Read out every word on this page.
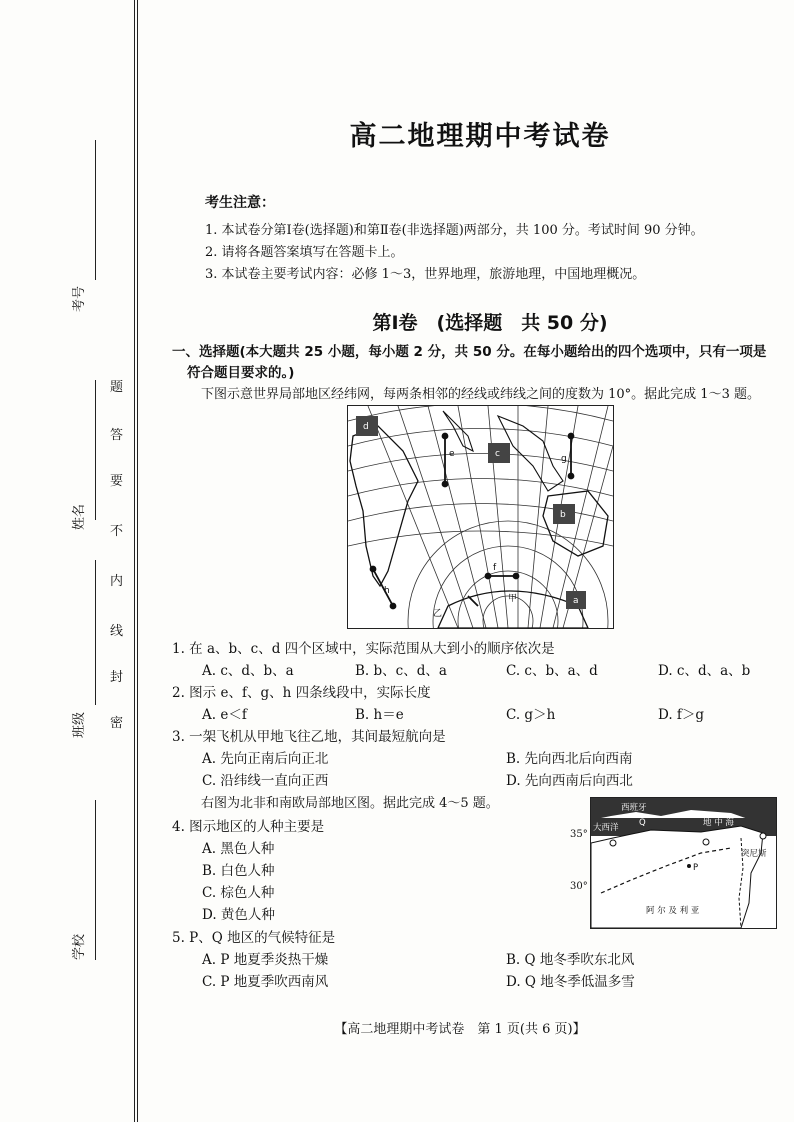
考号
姓名
班级
学校
题
答
要
不
内
线
封
密
高二地理期中考试卷
考生注意：
1. 本试卷分第Ⅰ卷(选择题)和第Ⅱ卷(非选择题)两部分，共 100 分。考试时间 90 分钟。
2. 请将各题答案填写在答题卡上。
3. 本试卷主要考试内容：必修 1～3，世界地理，旅游地理，中国地理概况。
第Ⅰ卷　(选择题　共 50 分)
一、选择题(本大题共 25 小题，每小题 2 分，共 50 分。在每小题给出的四个选项中，只有一项是
符合题目要求的。)
下图示意世界局部地区经纬网，每两条相邻的经线或纬线之间的度数为 10°。据此完成 1～3 题。
d
c
b
a
e
f
g
h
甲
乙
1. 在 a、b、c、d 四个区域中，实际范围从大到小的顺序依次是
A. c、d、b、a	B. b、c、d、a	C. c、b、a、d	D. c、d、a、b
2. 图示 e、f、g、h 四条线段中，实际长度
A. e＜f	B. h＝e	C. g＞h	D. f＞g
3. 一架飞机从甲地飞往乙地，其间最短航向是
A. 先向正南后向正北	B. 先向西北后向西南
C. 沿纬线一直向正西	D. 先向西南后向西北
右图为北非和南欧局部地区图。据此完成 4～5 题。	西班牙
Q	地 中 海
大西洋
突尼斯
P
阿 尔 及 利 亚
35°
30°
4. 图示地区的人种主要是
A. 黑色人种
B. 白色人种
C. 棕色人种
D. 黄色人种
5. P、Q 地区的气候特征是
A. P 地夏季炎热干燥	B. Q 地冬季吹东北风
C. P 地夏季吹西南风	D. Q 地冬季低温多雪
【高二地理期中考试卷　第 1 页(共 6 页)】
